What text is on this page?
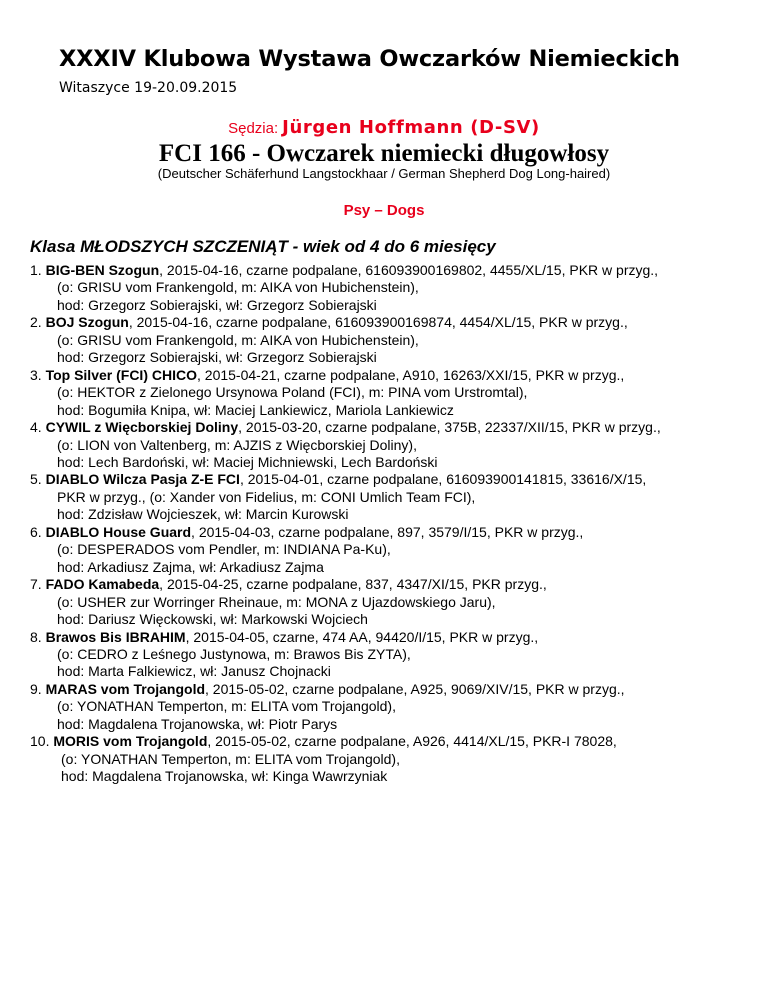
XXXIV Klubowa Wystawa Owczarków Niemieckich
Witaszyce 19-20.09.2015
Sędzia: Jürgen Hoffmann (D-SV)
FCI 166 - Owczarek niemiecki długowłosy
(Deutscher Schäferhund Langstockhaar / German Shepherd Dog Long-haired)
Psy – Dogs
Klasa MŁODSZYCH SZCZENIĄT - wiek od 4 do 6 miesięcy
1. BIG-BEN Szogun, 2015-04-16, czarne podpalane, 616093900169802, 4455/XL/15, PKR w przyg.,
(o: GRISU vom Frankengold, m: AIKA von Hubichenstein),
hod: Grzegorz Sobierajski, wł: Grzegorz Sobierajski
2. BOJ Szogun, 2015-04-16, czarne podpalane, 616093900169874, 4454/XL/15, PKR w przyg.,
(o: GRISU vom Frankengold, m: AIKA von Hubichenstein),
hod: Grzegorz Sobierajski, wł: Grzegorz Sobierajski
3. Top Silver (FCI) CHICO, 2015-04-21, czarne podpalane, A910, 16263/XXI/15, PKR w przyg.,
(o: HEKTOR z Zielonego Ursynowa Poland (FCI), m: PINA vom Urstromtal),
hod: Bogumiła Knipa, wł: Maciej Lankiewicz, Mariola Lankiewicz
4. CYWIL z Więcborskiej Doliny, 2015-03-20, czarne podpalane, 375B, 22337/XII/15, PKR w przyg.,
(o: LION von Valtenberg, m: AJZIS z Więcborskiej Doliny),
hod: Lech Bardoński, wł: Maciej Michniewski, Lech Bardoński
5. DIABLO Wilcza Pasja Z-E FCI, 2015-04-01, czarne podpalane, 616093900141815, 33616/X/15,
PKR w przyg., (o: Xander von Fidelius, m: CONI Umlich Team FCI),
hod: Zdzisław Wojcieszek, wł: Marcin Kurowski
6. DIABLO House Guard, 2015-04-03, czarne podpalane, 897, 3579/I/15, PKR w przyg.,
(o: DESPERADOS vom Pendler, m: INDIANA Pa-Ku),
hod: Arkadiusz Zajma, wł: Arkadiusz Zajma
7. FADO Kamabeda, 2015-04-25, czarne podpalane, 837, 4347/XI/15, PKR przyg.,
(o: USHER zur Worringer Rheinaue, m: MONA z Ujazdowskiego Jaru),
hod: Dariusz Więckowski, wł: Markowski Wojciech
8. Brawos Bis IBRAHIM, 2015-04-05, czarne, 474 AA, 94420/I/15, PKR w przyg.,
(o: CEDRO z Leśnego Justynowa, m: Brawos Bis ZYTA),
hod: Marta Falkiewicz, wł: Janusz Chojnacki
9. MARAS vom Trojangold, 2015-05-02, czarne podpalane, A925, 9069/XIV/15, PKR w przyg.,
(o: YONATHAN Temperton, m: ELITA vom Trojangold),
hod: Magdalena Trojanowska, wł: Piotr Parys
10. MORIS vom Trojangold, 2015-05-02, czarne podpalane, A926, 4414/XL/15, PKR-I 78028,
(o: YONATHAN Temperton, m: ELITA vom Trojangold),
hod: Magdalena Trojanowska, wł: Kinga Wawrzyniak
